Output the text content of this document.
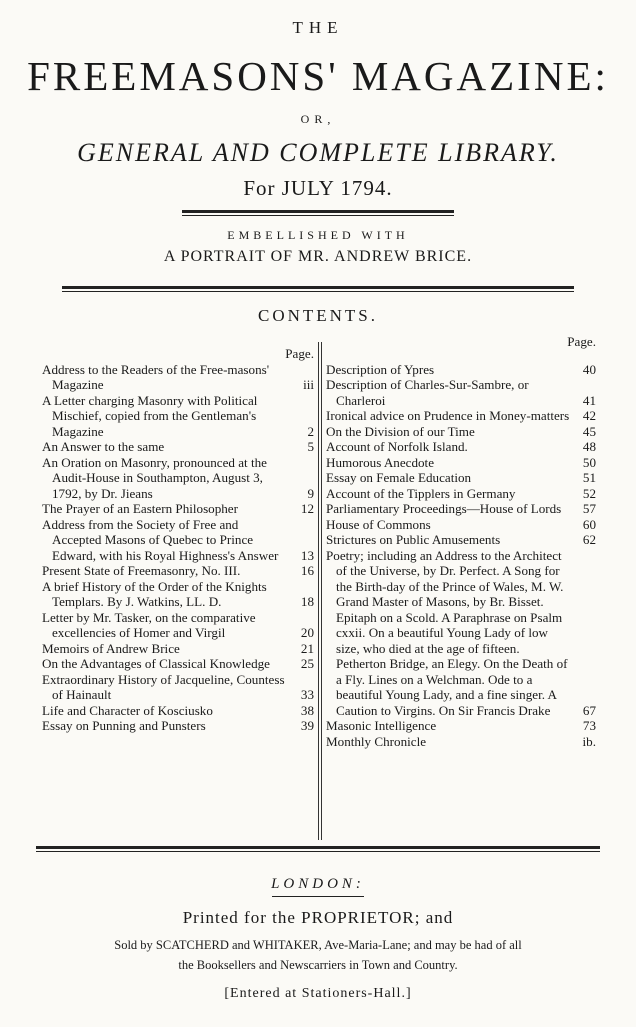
THE
FREEMASONS' MAGAZINE:
OR,
GENERAL AND COMPLETE LIBRARY.
For JULY 1794.
EMBELLISHED WITH
A PORTRAIT OF MR. ANDREW BRICE.
CONTENTS.
Page.
Address to the Readers of the Free-masons' Magazine	iii
A Letter charging Masonry with Political Mischief, copied from the Gentleman's Magazine	2
An Answer to the same	5
An Oration on Masonry, pronounced at the Audit-House in Southampton, August 3, 1792, by Dr. Jieans	9
The Prayer of an Eastern Philosopher	12
Address from the Society of Free and Accepted Masons of Quebec to Prince Edward, with his Royal Highness's Answer	13
Present State of Freemasonry, No. III.	16
A brief History of the Order of the Knights Templars. By J. Watkins, LL. D.	18
Letter by Mr. Tasker, on the comparative excellencies of Homer and Virgil	20
Memoirs of Andrew Brice	21
On the Advantages of Classical Knowledge	25
Extraordinary History of Jacqueline, Countess of Hainault	33
Life and Character of Kosciusko	38
Essay on Punning and Punsters	39
Page.
Description of Ypres	40
Description of Charles-Sur-Sambre, or Charleroi	41
Ironical advice on Prudence in Money-matters	42
On the Division of our Time	45
Account of Norfolk Island.	48
Humorous Anecdote	50
Essay on Female Education	51
Account of the Tipplers in Germany	52
Parliamentary Proceedings—House of Lords	57
House of Commons	60
Strictures on Public Amusements	62
Poetry; including an Address to the Architect of the Universe, by Dr. Perfect. A Song for the Birth-day of the Prince of Wales, M. W. Grand Master of Masons, by Br. Bisset. Epitaph on a Scold. A Paraphrase on Psalm cxxii. On a beautiful Young Lady of low size, who died at the age of fifteen. Petherton Bridge, an Elegy. On the Death of a Fly. Lines on a Welchman. Ode to a beautiful Young Lady, and a fine singer. A Caution to Virgins. On Sir Francis Drake	67
Masonic Intelligence	73
Monthly Chronicle	ib.
LONDON:
Printed for the PROPRIETOR; and
Sold by SCATCHERD and WHITAKER, Ave-Maria-Lane; and may be had of all
the Booksellers and Newscarriers in Town and Country.
[Entered at Stationers-Hall.]
